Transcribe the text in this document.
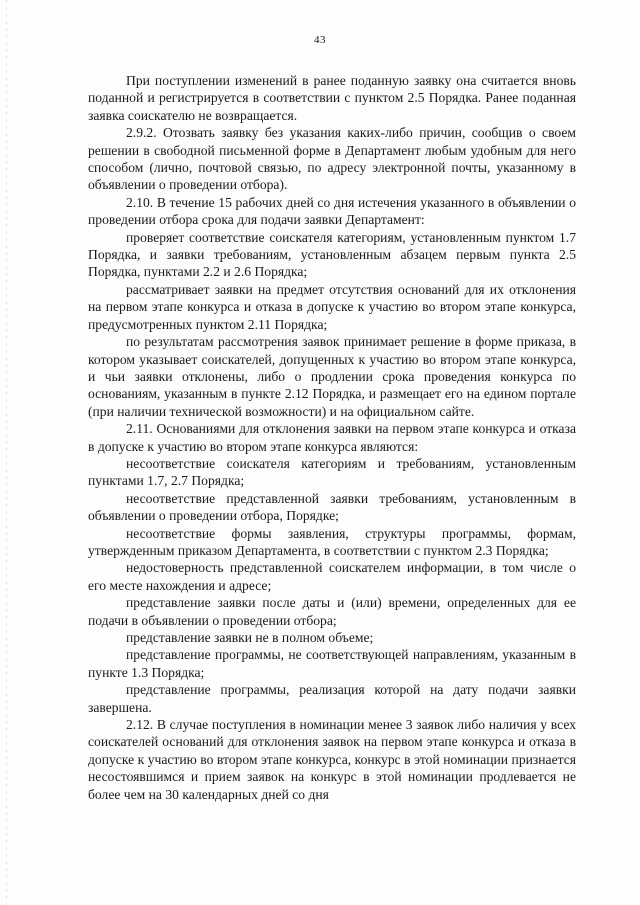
43

При поступлении изменений в ранее поданную заявку она считается вновь поданной и регистрируется в соответствии с пунктом 2.5 Порядка. Ранее поданная заявка соискателю не возвращается.

2.9.2. Отозвать заявку без указания каких-либо причин, сообщив о своем решении в свободной письменной форме в Департамент любым удобным для него способом (лично, почтовой связью, по адресу электронной почты, указанному в объявлении о проведении отбора).

2.10. В течение 15 рабочих дней со дня истечения указанного в объявлении о проведении отбора срока для подачи заявки Департамент:

проверяет соответствие соискателя категориям, установленным пунктом 1.7 Порядка, и заявки требованиям, установленным абзацем первым пункта 2.5 Порядка, пунктами 2.2 и 2.6 Порядка;

рассматривает заявки на предмет отсутствия оснований для их отклонения на первом этапе конкурса и отказа в допуске к участию во втором этапе конкурса, предусмотренных пунктом 2.11 Порядка;

по результатам рассмотрения заявок принимает решение в форме приказа, в котором указывает соискателей, допущенных к участию во втором этапе конкурса, и чьи заявки отклонены, либо о продлении срока проведения конкурса по основаниям, указанным в пункте 2.12 Порядка, и размещает его на едином портале (при наличии технической возможности) и на официальном сайте.

2.11. Основаниями для отклонения заявки на первом этапе конкурса и отказа в допуске к участию во втором этапе конкурса являются:

несоответствие соискателя категориям и требованиям, установленным пунктами 1.7, 2.7 Порядка;

несоответствие представленной заявки требованиям, установленным в объявлении о проведении отбора, Порядке;

несоответствие формы заявления, структуры программы, формам, утвержденным приказом Департамента, в соответствии с пунктом 2.3 Порядка;

недостоверность представленной соискателем информации, в том числе о его месте нахождения и адресе;

представление заявки после даты и (или) времени, определенных для ее подачи в объявлении о проведении отбора;

представление заявки не в полном объеме;

представление программы, не соответствующей направлениям, указанным в пункте 1.3 Порядка;

представление программы, реализация которой на дату подачи заявки завершена.

2.12. В случае поступления в номинации менее 3 заявок либо наличия у всех соискателей оснований для отклонения заявок на первом этапе конкурса и отказа в допуске к участию во втором этапе конкурса, конкурс в этой номинации признается несостоявшимся и прием заявок на конкурс в этой номинации продлевается не более чем на 30 календарных дней со дня
